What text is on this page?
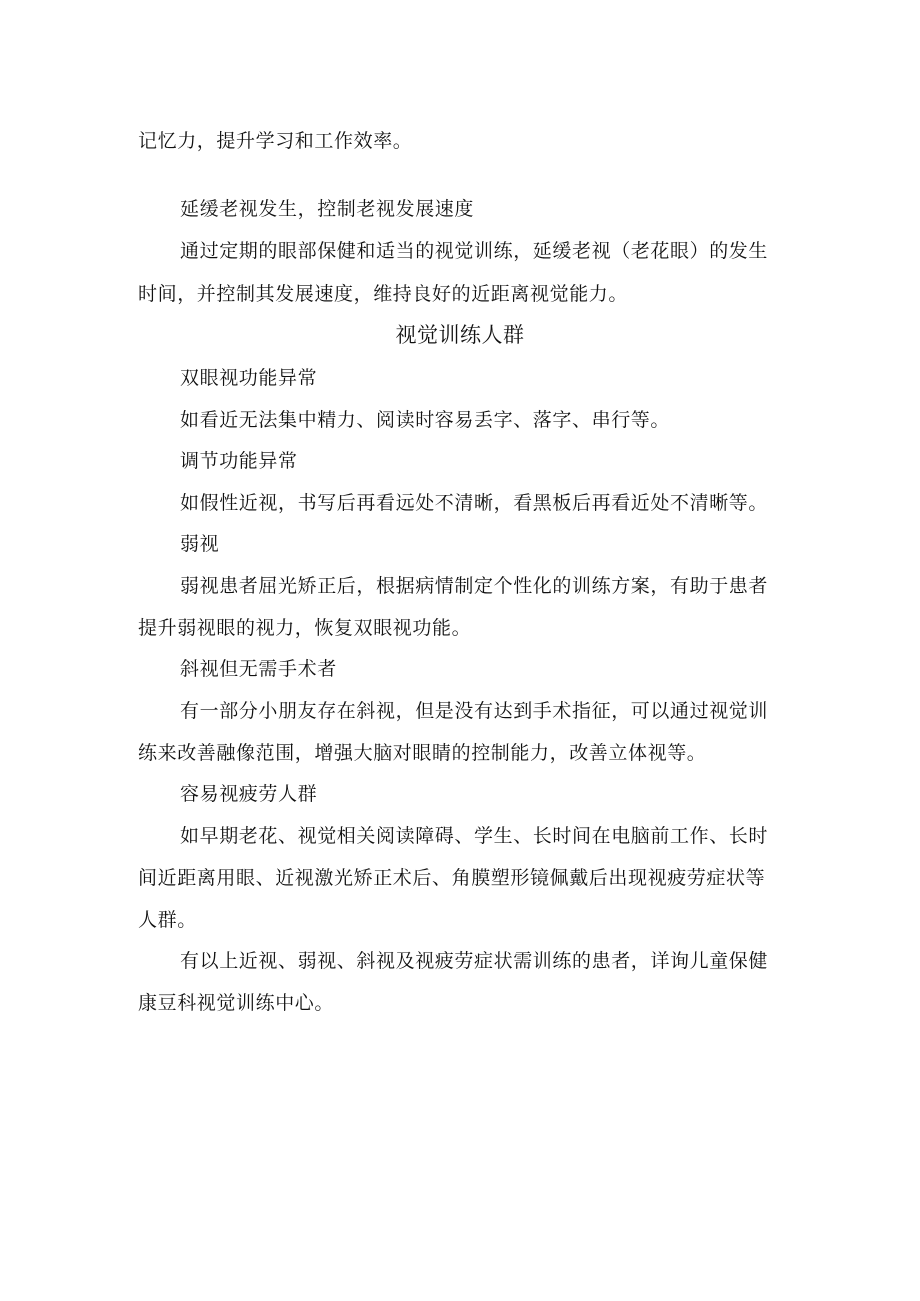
记忆力，提升学习和工作效率。
延缓老视发生，控制老视发展速度
通过定期的眼部保健和适当的视觉训练，延缓老视（老花眼）的发生
时间，并控制其发展速度，维持良好的近距离视觉能力。
视觉训练人群
双眼视功能异常
如看近无法集中精力、阅读时容易丢字、落字、串行等。
调节功能异常
如假性近视，书写后再看远处不清晰，看黑板后再看近处不清晰等。
弱视
弱视患者屈光矫正后，根据病情制定个性化的训练方案，有助于患者
提升弱视眼的视力，恢复双眼视功能。
斜视但无需手术者
有一部分小朋友存在斜视，但是没有达到手术指征，可以通过视觉训
练来改善融像范围，增强大脑对眼睛的控制能力，改善立体视等。
容易视疲劳人群
如早期老花、视觉相关阅读障碍、学生、长时间在电脑前工作、长时
间近距离用眼、近视激光矫正术后、角膜塑形镜佩戴后出现视疲劳症状等
人群。
有以上近视、弱视、斜视及视疲劳症状需训练的患者，详询儿童保健
康豆科视觉训练中心。
